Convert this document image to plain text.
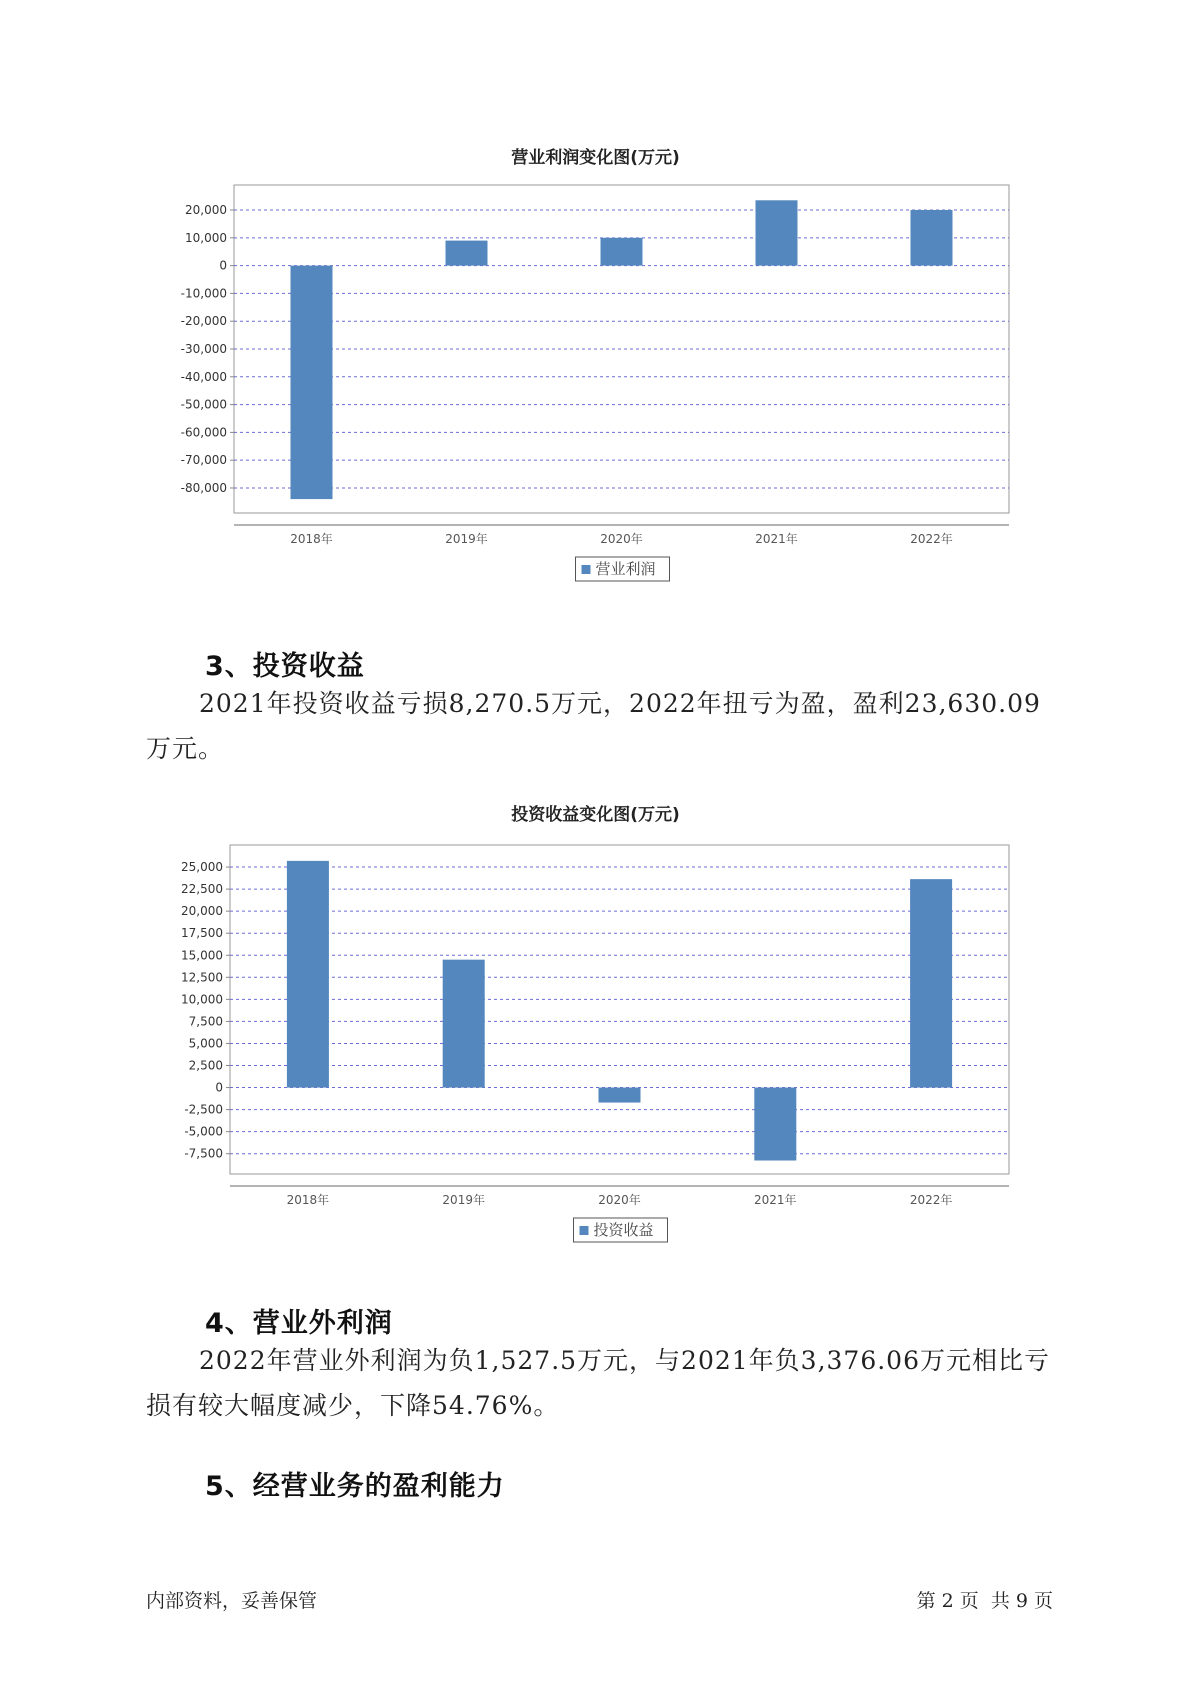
营业利润变化图(万元)
20,000
10,000
0
-10,000
-20,000
-30,000
-40,000
-50,000
-60,000
-70,000
-80,000
2018年	2019年	2020年	2021年	2022年
营业利润
3、投资收益

2021年投资收益亏损8,270.5万元，2022年扭亏为盈，盈利23,630.09万元。

投资收益变化图(万元)
25,000
22,500
20,000
17,500
15,000
12,500
10,000
7,500
5,000
2,500
0
-2,500
-5,000
-7,500
2018年	2019年	2020年	2021年	2022年
投资收益
4、营业外利润

2022年营业外利润为负1,527.5万元，与2021年负3,376.06万元相比亏损有较大幅度减少，下降54.76%。

5、经营业务的盈利能力
内部资料，妥善保管	第 2 页  共 9 页
